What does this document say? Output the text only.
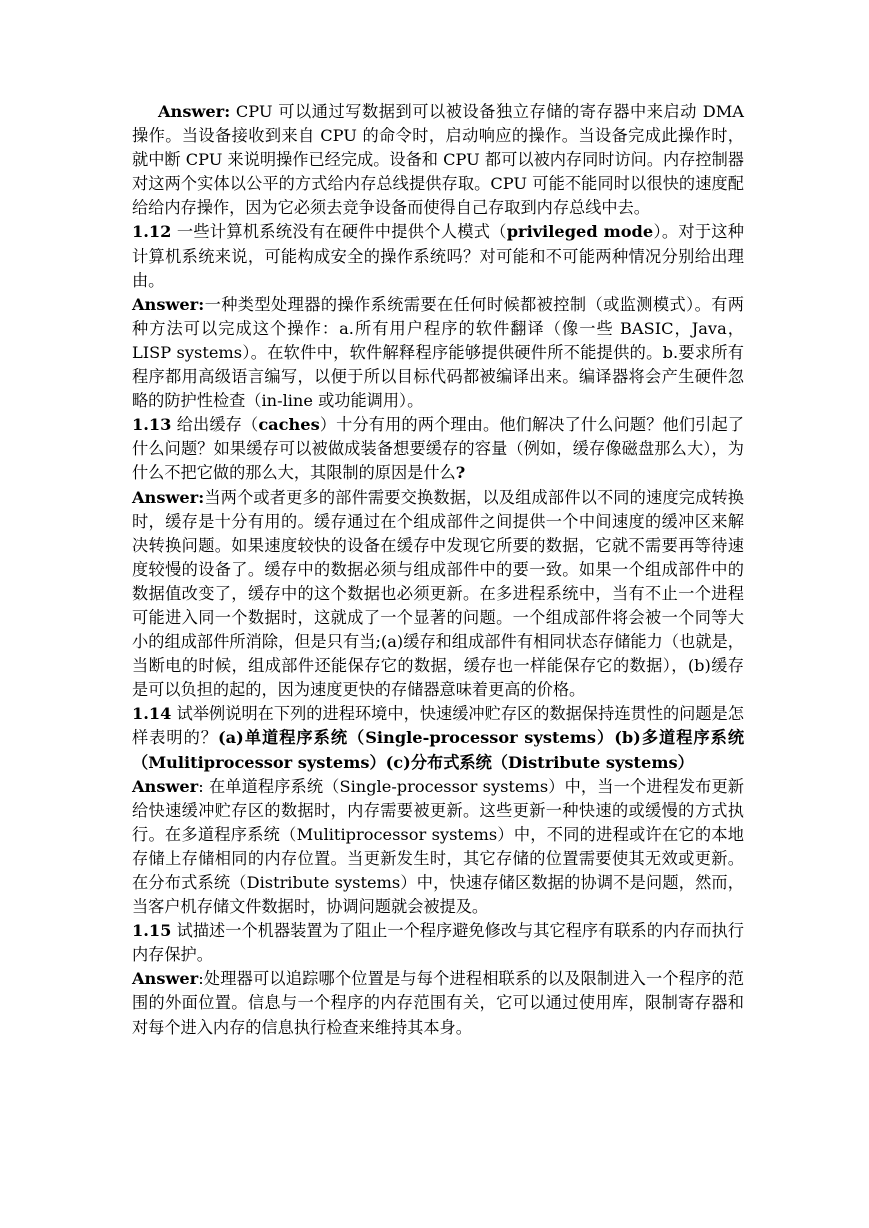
Answer: CPU 可以通过写数据到可以被设备独立存储的寄存器中来启动 DMA 操作。当设备接收到来自 CPU 的命令时，启动响应的操作。当设备完成此操作时，就中断 CPU 来说明操作已经完成。设备和 CPU 都可以被内存同时访问。内存控制器对这两个实体以公平的方式给内存总线提供存取。CPU 可能不能同时以很快的速度配给给内存操作，因为它必须去竞争设备而使得自己存取到内存总线中去。

1.12 一些计算机系统没有在硬件中提供个人模式（privileged mode）。对于这种计算机系统来说，可能构成安全的操作系统吗？对可能和不可能两种情况分别给出理由。

Answer:一种类型处理器的操作系统需要在任何时候都被控制（或监测模式）。有两种方法可以完成这个操作：a.所有用户程序的软件翻译（像一些 BASIC，Java， LISP systems）。在软件中，软件解释程序能够提供硬件所不能提供的。b.要求所有程序都用高级语言编写，以便于所以目标代码都被编译出来。编译器将会产生硬件忽略的防护性检查（in-line 或功能调用）。

1.13 给出缓存（caches）十分有用的两个理由。他们解决了什么问题？他们引起了什么问题？如果缓存可以被做成装备想要缓存的容量（例如，缓存像磁盘那么大），为什么不把它做的那么大，其限制的原因是什么?

Answer:当两个或者更多的部件需要交换数据，以及组成部件以不同的速度完成转换时，缓存是十分有用的。缓存通过在个组成部件之间提供一个中间速度的缓冲区来解决转换问题。如果速度较快的设备在缓存中发现它所要的数据，它就不需要再等待速度较慢的设备了。缓存中的数据必须与组成部件中的要一致。如果一个组成部件中的数据值改变了，缓存中的这个数据也必须更新。在多进程系统中，当有不止一个进程可能进入同一个数据时，这就成了一个显著的问题。一个组成部件将会被一个同等大小的组成部件所消除，但是只有当;(a)缓存和组成部件有相同状态存储能力（也就是，当断电的时候，组成部件还能保存它的数据，缓存也一样能保存它的数据），(b)缓存是可以负担的起的，因为速度更快的存储器意味着更高的价格。

1.14 试举例说明在下列的进程环境中，快速缓冲贮存区的数据保持连贯性的问题是怎样表明的？(a)单道程序系统（Single-processor systems）(b)多道程序系统（Mulitiprocessor systems）(c)分布式系统（Distribute systems）

Answer: 在单道程序系统（Single-processor systems）中，当一个进程发布更新给快速缓冲贮存区的数据时，内存需要被更新。这些更新一种快速的或缓慢的方式执行。在多道程序系统（Mulitiprocessor systems）中，不同的进程或许在它的本地存储上存储相同的内存位置。当更新发生时，其它存储的位置需要使其无效或更新。在分布式系统（Distribute systems）中，快速存储区数据的协调不是问题，然而，当客户机存储文件数据时，协调问题就会被提及。

1.15 试描述一个机器装置为了阻止一个程序避免修改与其它程序有联系的内存而执行内存保护。

Answer:处理器可以追踪哪个位置是与每个进程相联系的以及限制进入一个程序的范围的外面位置。信息与一个程序的内存范围有关，它可以通过使用库，限制寄存器和对每个进入内存的信息执行检查来维持其本身。
